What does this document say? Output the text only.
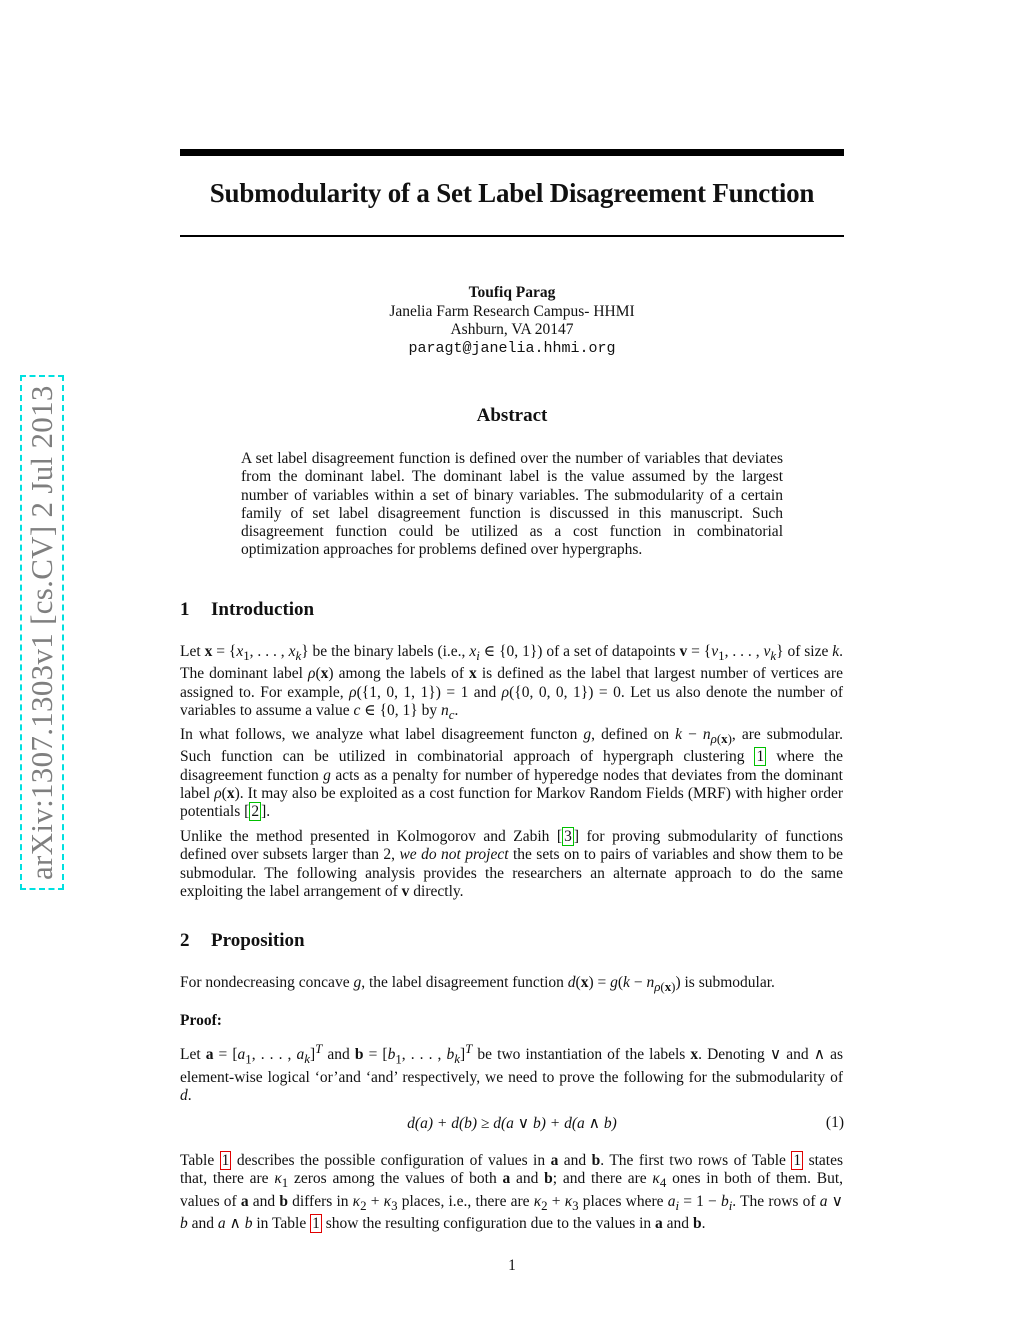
Submodularity of a Set Label Disagreement Function
arXiv:1307.1303v1 [cs.CV] 2 Jul 2013
Toufiq Parag
Janelia Farm Research Campus- HHMI
Ashburn, VA 20147
paragt@janelia.hhmi.org
Abstract
A set label disagreement function is defined over the number of variables that deviates from the dominant label. The dominant label is the value assumed by the largest number of variables within a set of binary variables. The submodularity of a certain family of set label disagreement function is discussed in this manuscript. Such disagreement function could be utilized as a cost function in combinatorial optimization approaches for problems defined over hypergraphs.
1 Introduction
Let $x = \{x_1$, . . . , $x_k$} be the binary labels (i.e., $x_i$ ∈ {0, 1}) of a set of datapoints $v = \{v_1$, . . . , $v_k$} of size k. The dominant label ρ(x) among the labels of x is defined as the label that largest number of vertices are assigned to. For example, ρ({1, 0, 1, 1}) = 1 and ρ({0, 0, 0, 1}) = 0. Let us also denote the number of variables to assume a value c ∈ {0, 1} by $n_c$.
In what follows, we analyze what label disagreement functon g, defined on $k - n_{\rho(x)}$, are submodular. Such function can be utilized in combinatorial approach of hypergraph clustering 1 where the disagreement function g acts as a penalty for number of hyperedge nodes that deviates from the dominant label ρ(x). It may also be exploited as a cost function for Markov Random Fields (MRF) with higher order potentials [ 2 ].
Unlike the method presented in Kolmogorov and Zabih [ 3 ] for proving submodularity of functions defined over subsets larger than 2, we do not project the sets on to pairs of variables and show them to be submodular. The following analysis provides the researchers an alternate approach to do the same exploiting the label arrangement of v directly.
2 Proposition
For nondecreasing concave g, the label disagreement function $d(x) = g(k - n_{\rho(x)})$ is submodular.
Proof:
Let $a = [a_1$, . . . , $a_k]^T$ and $b = [b_1$, . . . , $b_k]^T$ be two instantiation of the labels x. Denoting ∨ and ∧ as element-wise logical ‘or’and ‘and’ respectively, we need to prove the following for the submodularity of d.
d(a) + d(b) ≥ d(a ∨ b) + d(a ∧ b)	(1)
Table 1 describes the possible configuration of values in a and b. The first two rows of Table 1 states that, there are $\kappa_1$ zeros among the values of both a and b; and there are $\kappa_4$ ones in both of them. But, values of a and b differs in $\kappa_2 + \kappa_3$ places, i.e., there are $\kappa_2 + \kappa_3$ places where $a_i = 1 - b_i$. The rows of a ∨ b and a ∧ b in Table 1 show the resulting configuration due to the values in a and b.
1
